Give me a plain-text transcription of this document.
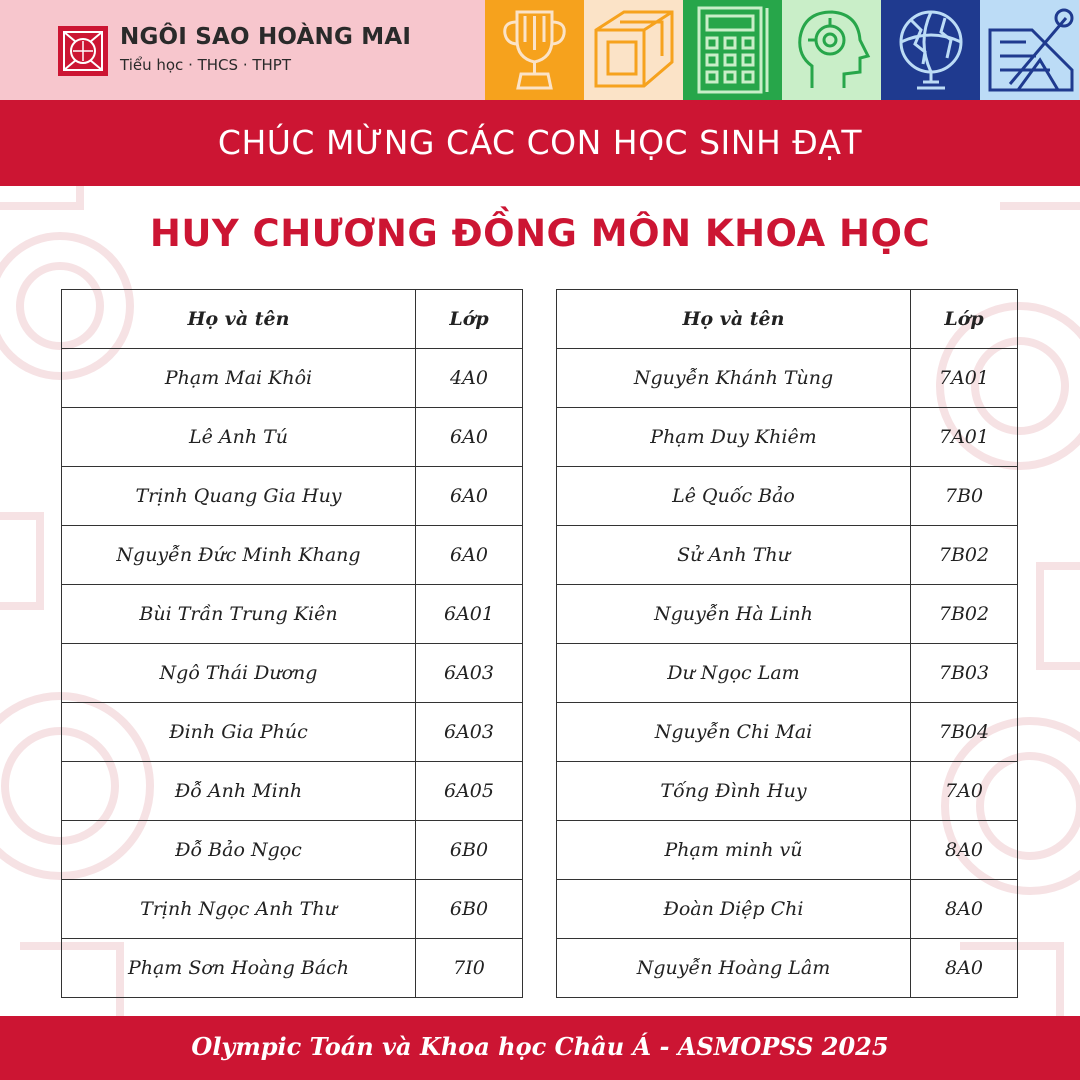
NGÔI SAO HOÀNG MAI
Tiểu học · THCS · THPT
CHÚC MỪNG CÁC CON HỌC SINH ĐẠT
HUY CHƯƠNG ĐỒNG MÔN KHOA HỌC
Họ và tên	Lớp
Phạm Mai Khôi	4A0
Lê Anh Tú	6A0
Trịnh Quang Gia Huy	6A0
Nguyễn Đức Minh Khang	6A0
Bùi Trần Trung Kiên	6A01
Ngô Thái Dương	6A03
Đinh Gia Phúc	6A03
Đỗ Anh Minh	6A05
Đỗ Bảo Ngọc	6B0
Trịnh Ngọc Anh Thư	6B0
Phạm Sơn Hoàng Bách	7I0
Họ và tên	Lớp
Nguyễn Khánh Tùng	7A01
Phạm Duy Khiêm	7A01
Lê Quốc Bảo	7B0
Sử Anh Thư	7B02
Nguyễn Hà Linh	7B02
Dư Ngọc Lam	7B03
Nguyễn Chi Mai	7B04
Tống Đình Huy	7A0
Phạm minh vũ	8A0
Đoàn Diệp Chi	8A0
Nguyễn Hoàng Lâm	8A0
Olympic Toán và Khoa học Châu Á - ASMOPSS 2025
